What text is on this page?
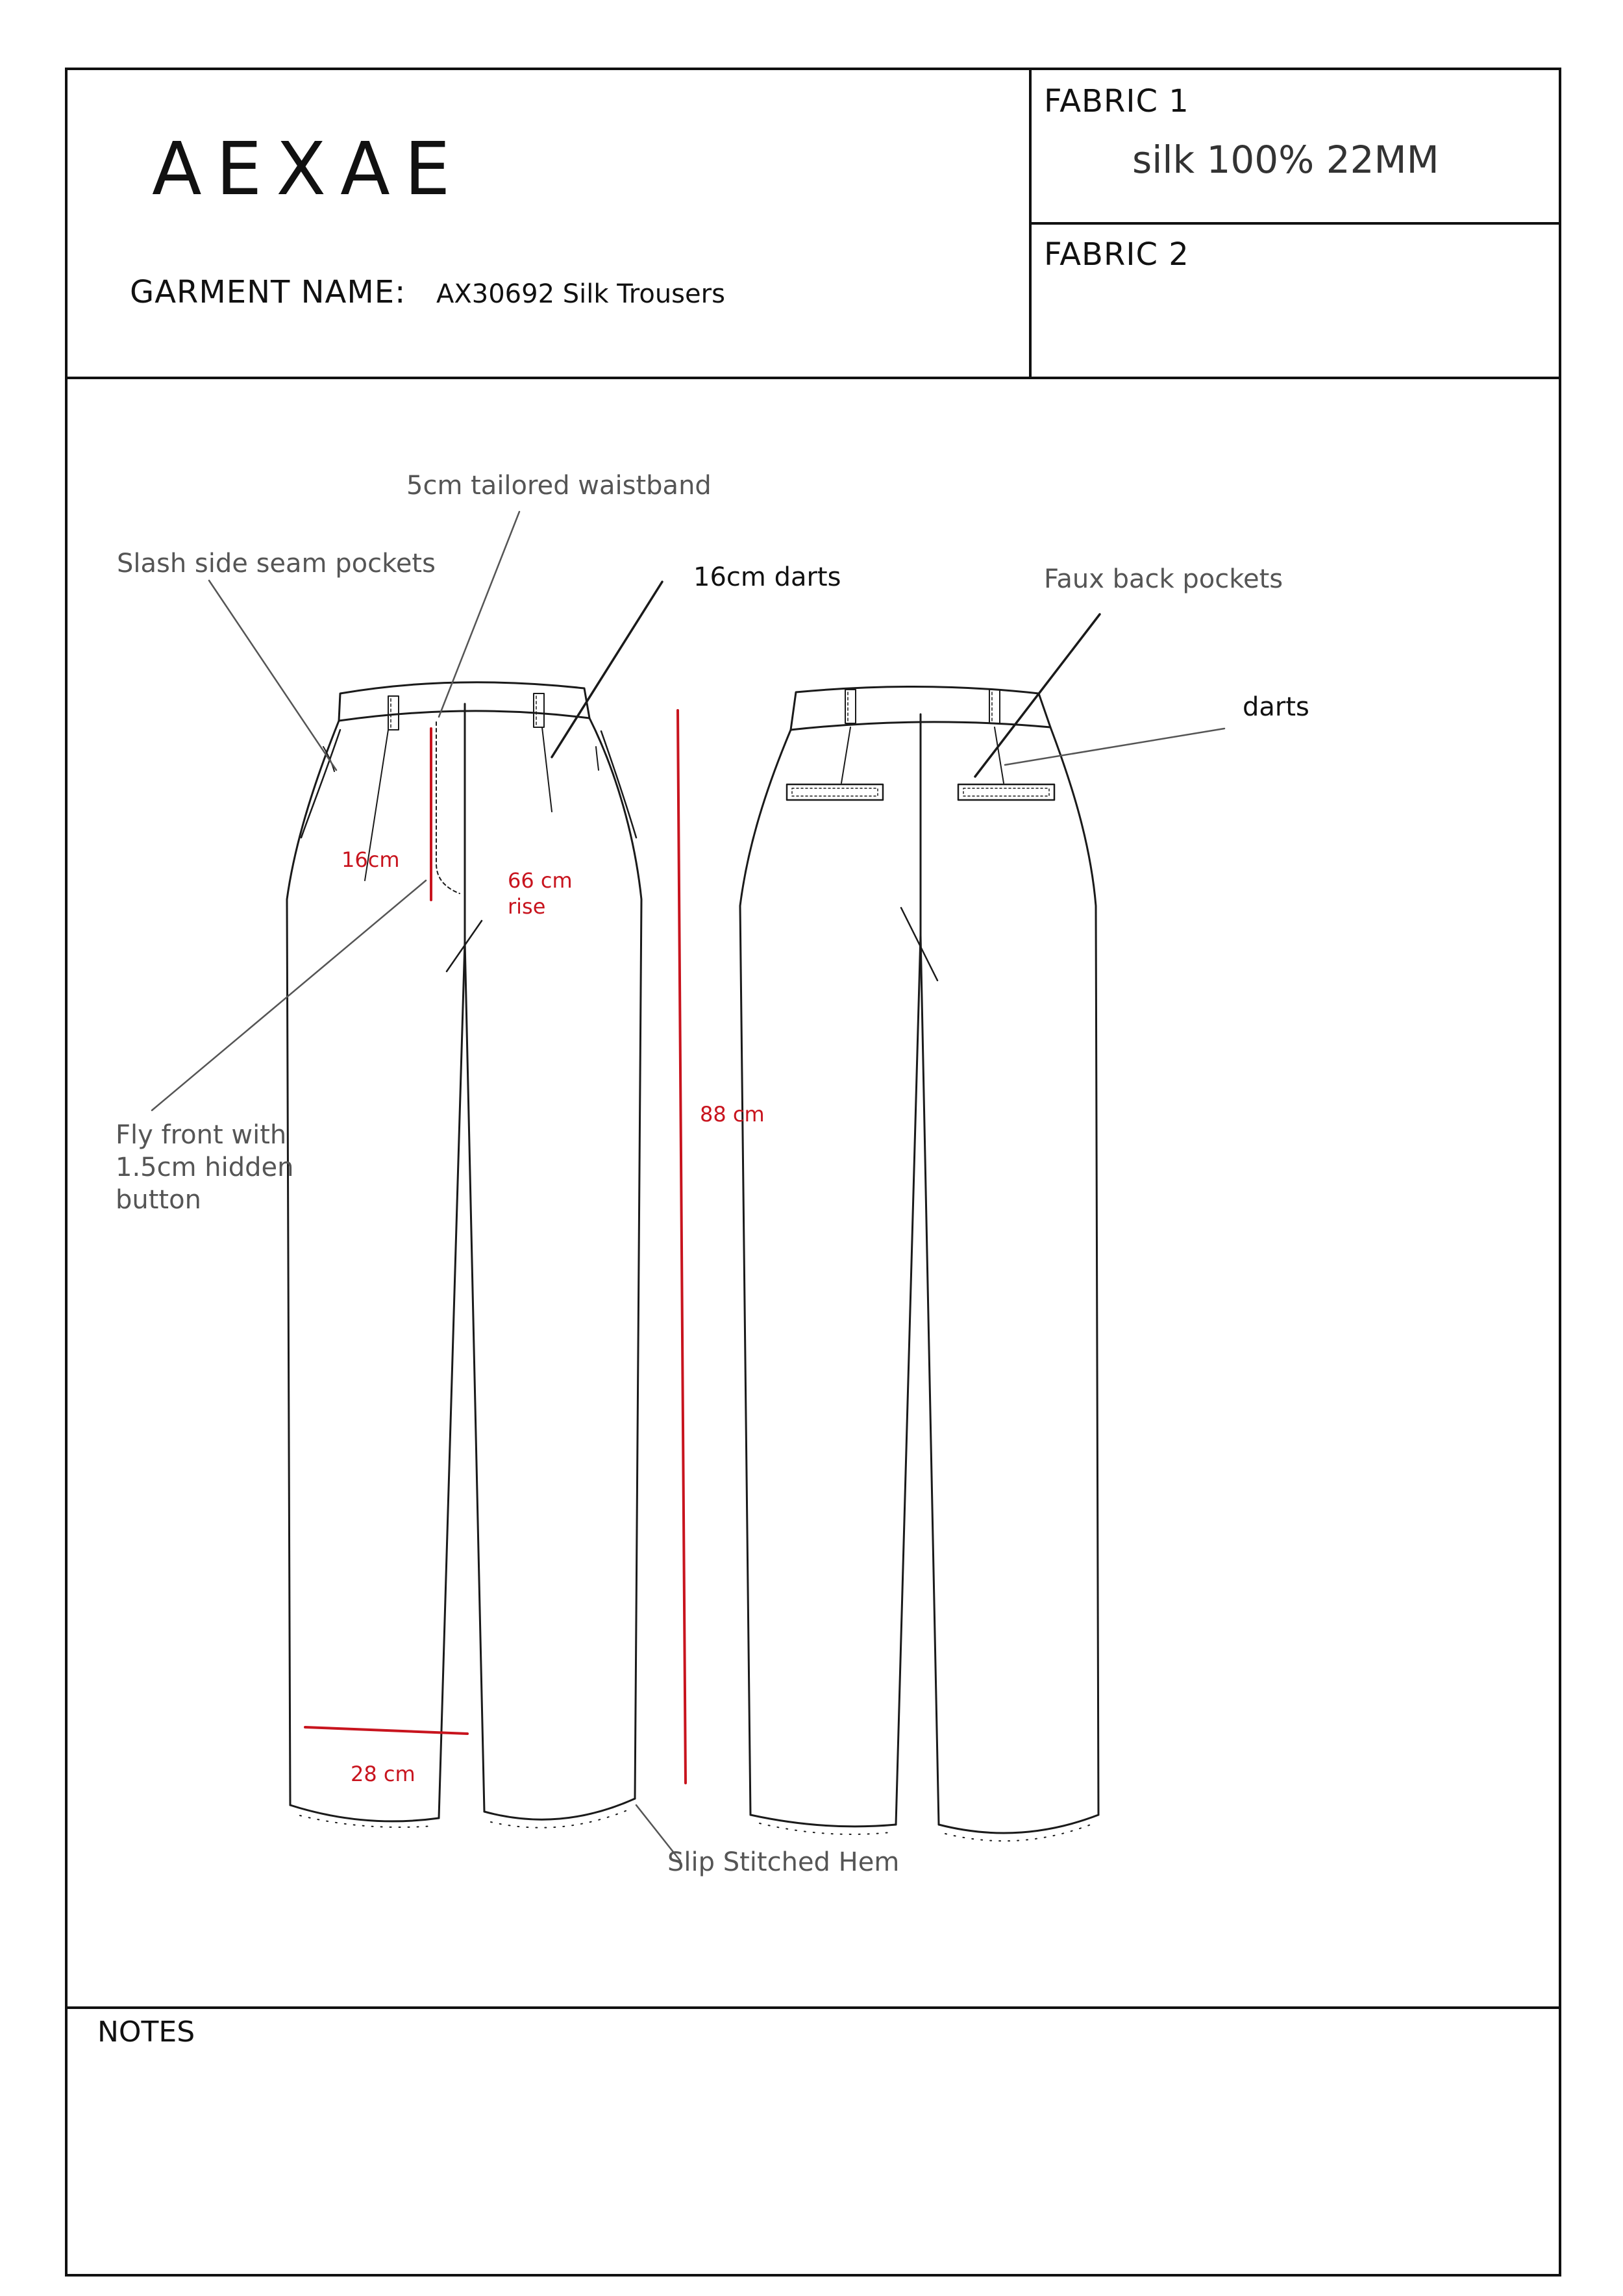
AEXAE
GARMENT NAME: AX30692 Silk Trousers
FABRIC 1
silk 100% 22MM
FABRIC 2
NOTES
5cm tailored waistband
Slash side seam pockets	16cm darts	Faux back pockets
darts
Fly front with
1.5cm hidden
button
Slip Stitched Hem
16cm
66 cm
rise
88 cm
28 cm
